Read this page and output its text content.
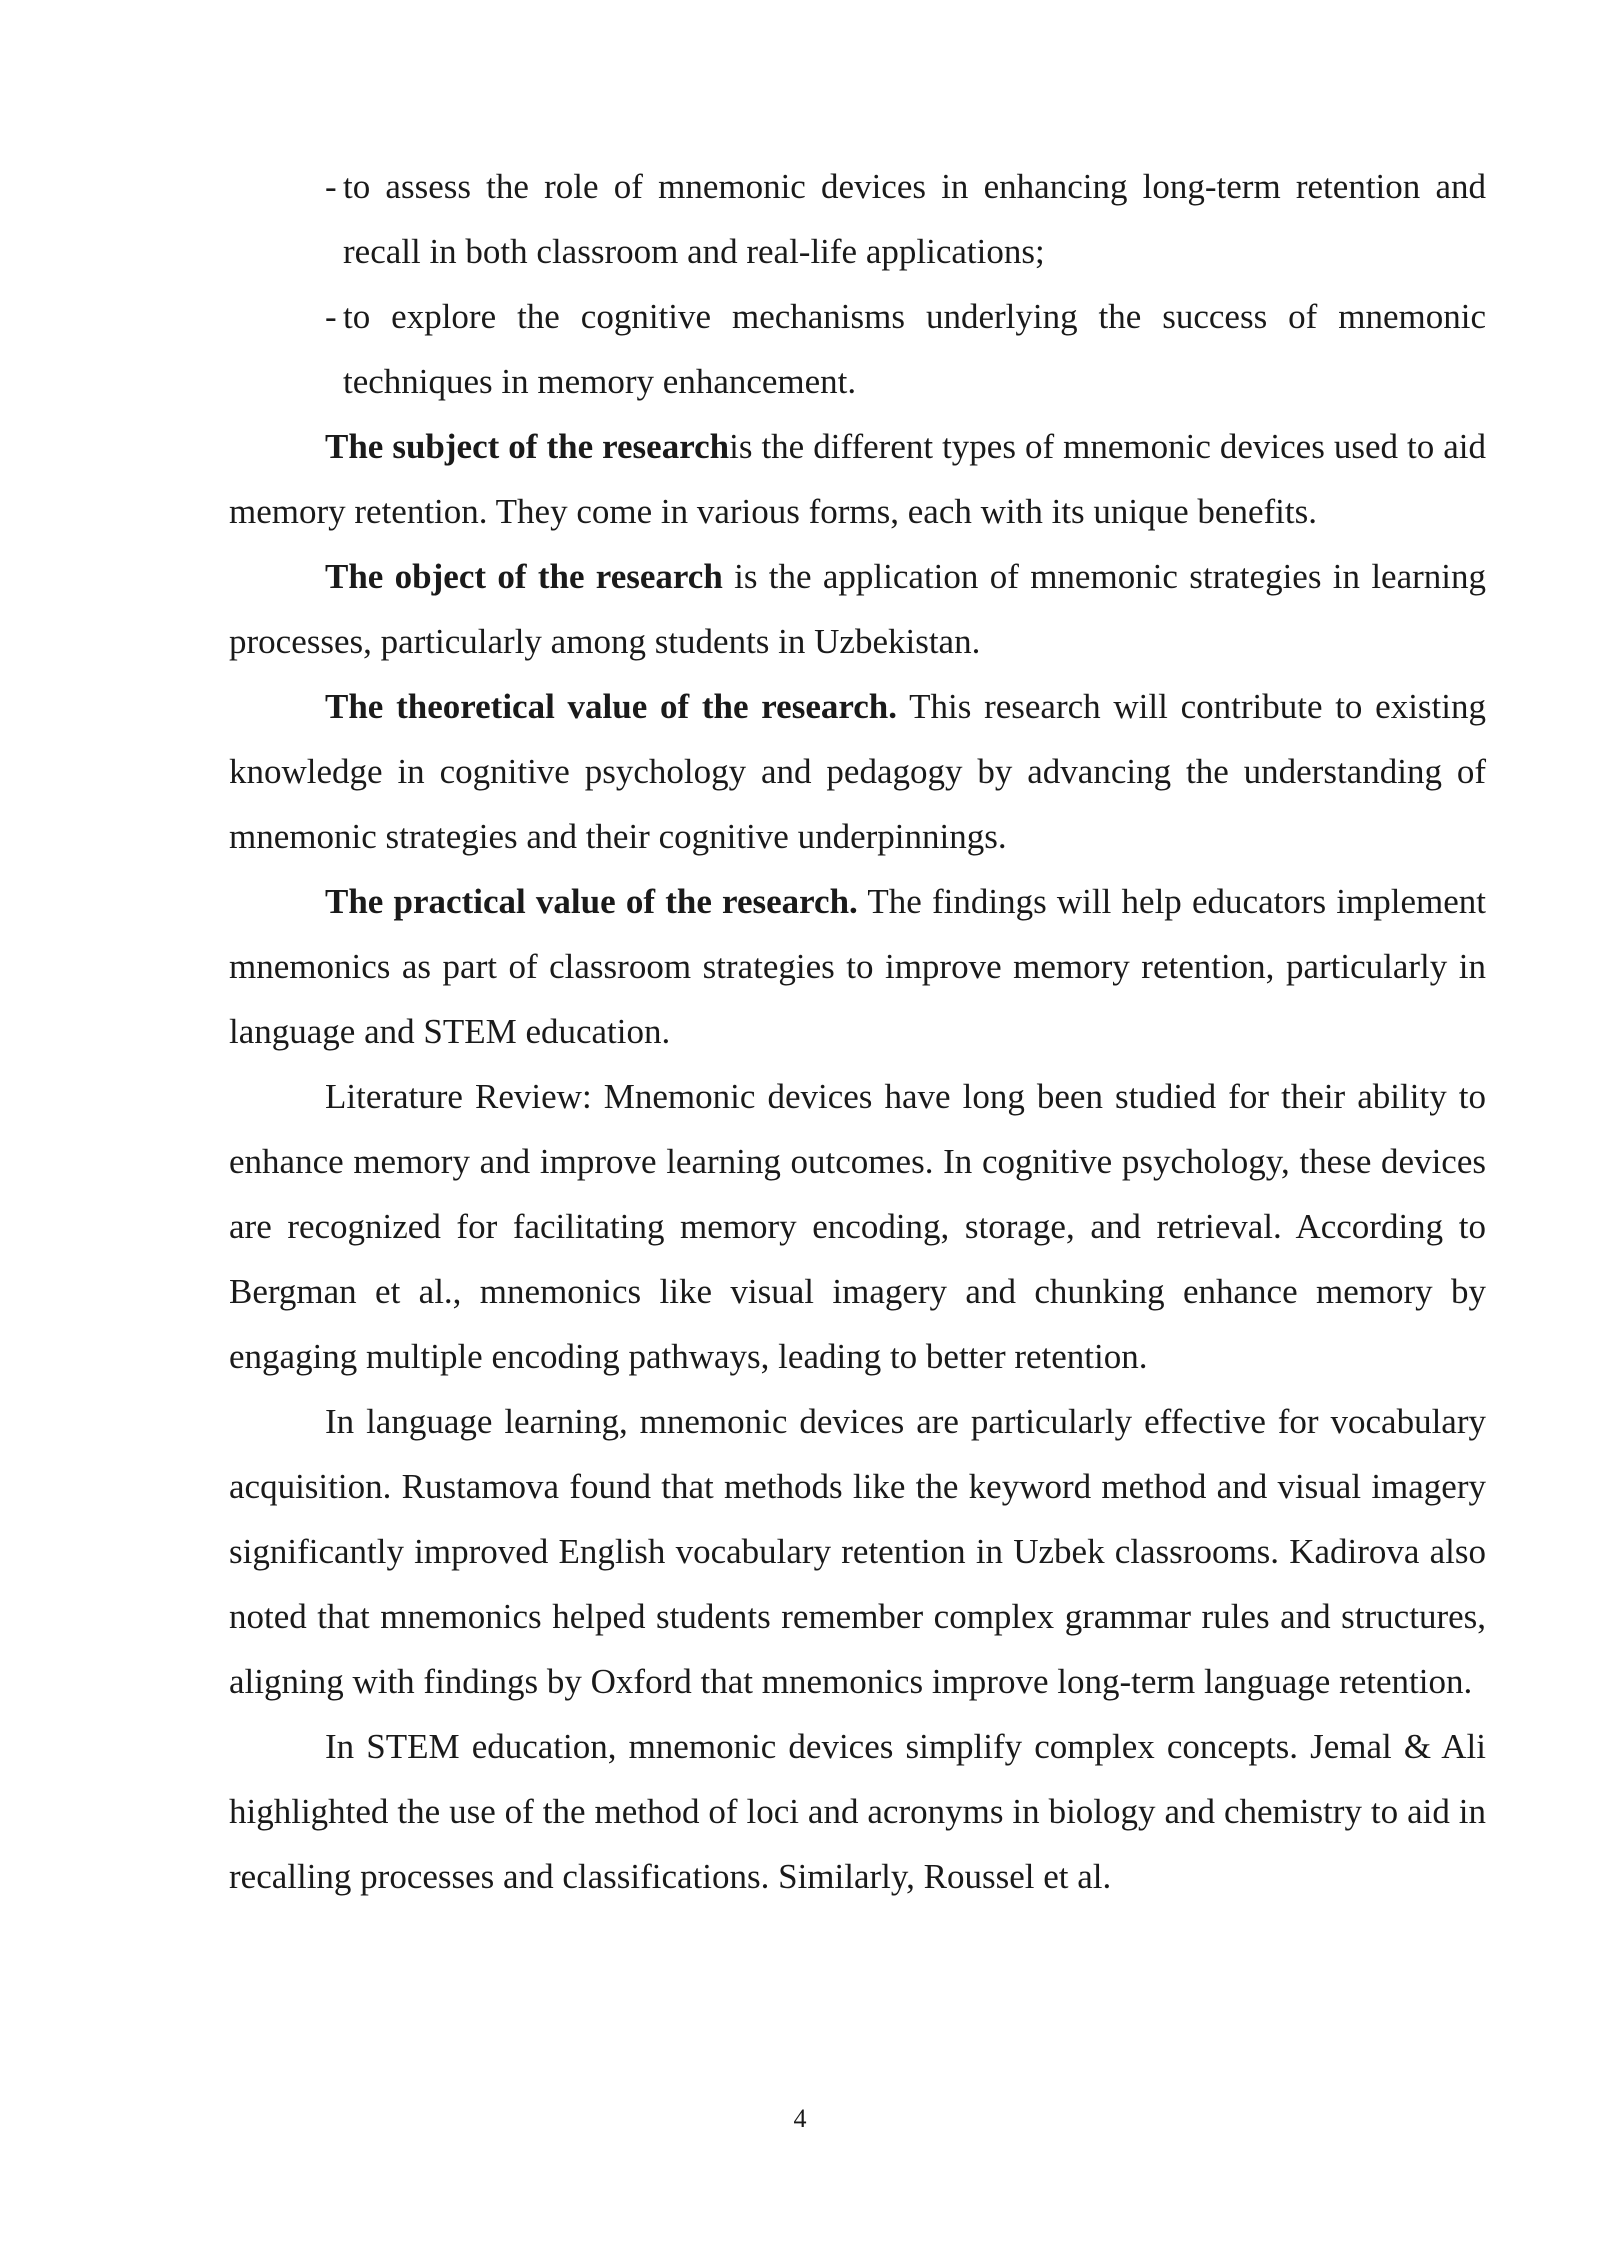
- to assess the role of mnemonic devices in enhancing long-term retention and recall in both classroom and real-life applications;
- to explore the cognitive mechanisms underlying the success of mnemonic techniques in memory enhancement.

The subject of the researchis the different types of mnemonic devices used to aid memory retention. They come in various forms, each with its unique benefits.

The object of the research is the application of mnemonic strategies in learning processes, particularly among students in Uzbekistan.

The theoretical value of the research. This research will contribute to existing knowledge in cognitive psychology and pedagogy by advancing the understanding of mnemonic strategies and their cognitive underpinnings.

The practical value of the research. The findings will help educators implement mnemonics as part of classroom strategies to improve memory retention, particularly in language and STEM education.

Literature Review: Mnemonic devices have long been studied for their ability to enhance memory and improve learning outcomes. In cognitive psychology, these devices are recognized for facilitating memory encoding, storage, and retrieval. According to Bergman et al., mnemonics like visual imagery and chunking enhance memory by engaging multiple encoding pathways, leading to better retention.

In language learning, mnemonic devices are particularly effective for vocabulary acquisition. Rustamova found that methods like the keyword method and visual imagery significantly improved English vocabulary retention in Uzbek classrooms. Kadirova also noted that mnemonics helped students remember complex grammar rules and structures, aligning with findings by Oxford that mnemonics improve long-term language retention.

In STEM education, mnemonic devices simplify complex concepts. Jemal & Ali highlighted the use of the method of loci and acronyms in biology and chemistry to aid in recalling processes and classifications. Similarly, Roussel et al.

4
